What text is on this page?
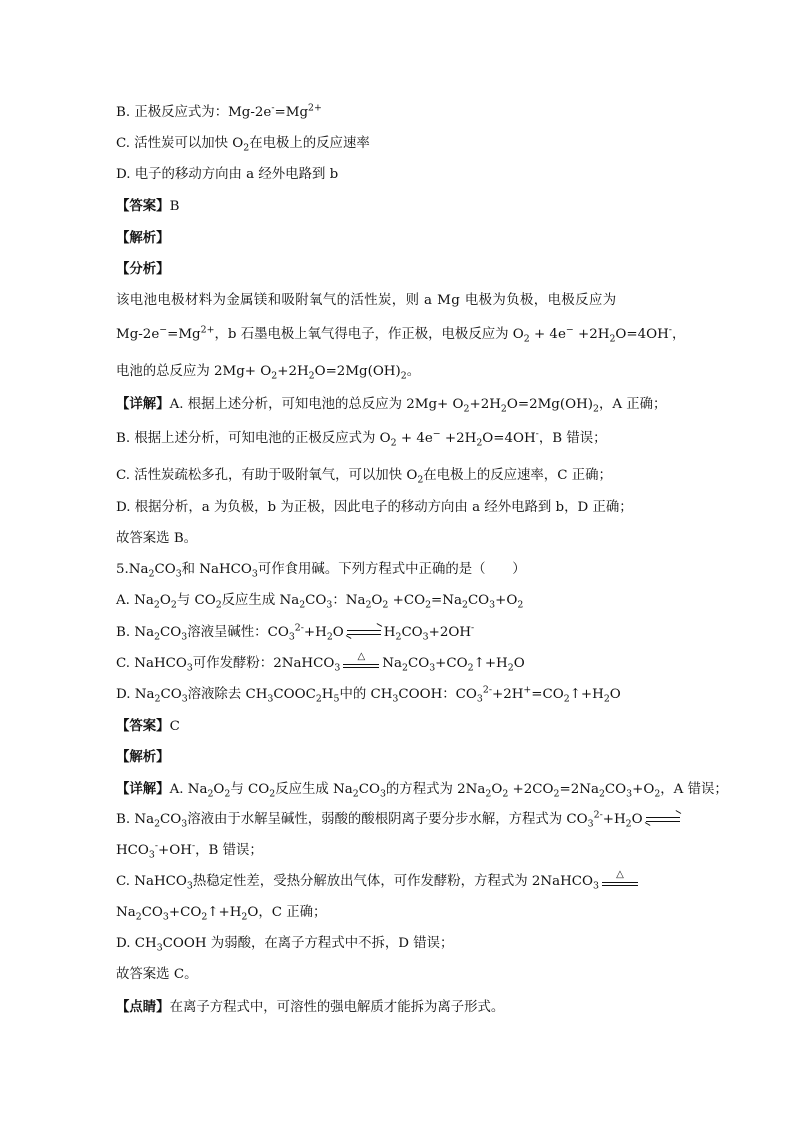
B. 正极反应式为：$Mg-2e^-=Mg^{2+}$
C. 活性炭可以加快 $O_2$在电极上的反应速率
D. 电子的移动方向由 a 经外电路到 b
【答案】B
【解析】
【分析】
该电池电极材料为金属镁和吸附氧气的活性炭，则 a Mg 电极为负极，电极反应为
$Mg-2e^-=Mg^{2+}$，b 石墨电极上氧气得电子，作正极，电极反应为 $O_2 + 4e^- +2H_2O=4OH^-$，
电池的总反应为 $2Mg+ O_2+2H_2O=2Mg(OH)_2$。
【详解】A. 根据上述分析，可知电池的总反应为 $2Mg+ O_2+2H_2O=2Mg(OH)_2$，A 正确；
B. 根据上述分析，可知电池的正极反应式为 $O_2 + 4e^- +2H_2O=4OH^-$，B 错误；
C. 活性炭疏松多孔，有助于吸附氧气，可以加快 $O_2$在电极上的反应速率，C 正确；
D. 根据分析，a 为负极，b 为正极，因此电子的移动方向由 a 经外电路到 b，D 正确；
故答案选 B。
$5.Na_2CO_3$和 NaHCO$_3$可作食用碱。下列方程式中正确的是（　　）
A. $Na_2O_2$与 $CO_2$反应生成 $Na_2CO_3$：$Na_2O_2 +CO_2=Na_2CO_3+O_2$
B. $Na_2CO_3$溶液呈碱性：$CO_3^{2-}+H_2O$ ⇌ $H_2CO_3+2OH^-$
C. NaHCO$_3$可作发酵粉：2NaHCO$_3$
△	$Na_2CO_3+CO_2↑+H_2O$
D. $Na_2CO_3$溶液除去 $CH_3COOC_2H_5$中的 $CH_3COOH$：$CO_3^{2-}+2H^+=CO_2↑+H_2O$
【答案】C
【解析】
【详解】A. $Na_2O_2$与 $CO_2$反应生成 $Na_2CO_3$的方程式为 $2Na_2O_2 +2CO_2=2Na_2CO_3+O_2$，A 错误；
B. $Na_2CO_3$溶液由于水解呈碱性，弱酸的酸根阴离子要分步水解，方程式为 $CO_3^{2-}+H_2O$ ⇌
$HCO_3^-+OH^-$，B 错误；
C. NaHCO$_3$热稳定性差，受热分解放出气体，可作发酵粉，方程式为 2NaHCO$_3$
△
$Na_2CO_3+CO_2↑+H_2O$，C 正确；
D. $CH_3COOH$ 为弱酸，在离子方程式中不拆，D 错误；
故答案选 C。
【点睛】在离子方程式中，可溶性的强电解质才能拆为离子形式。
